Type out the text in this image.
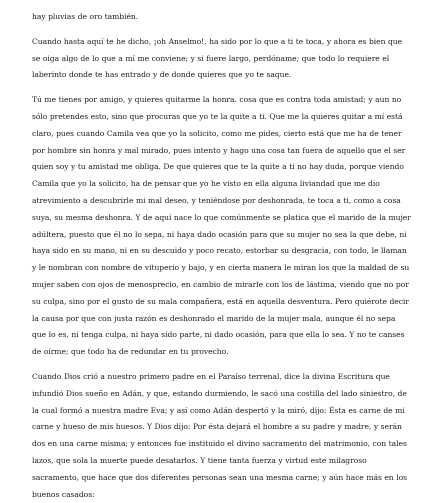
hay pluvias de oro también.

Cuando hasta aquí te he dicho, ¡oh Anselmo!, ha sido por lo que a ti te toca, y ahora es bien que se oiga algo de lo que a mí me conviene; y si fuere largo, perdóname; que todo lo requiere el laberinto donde te has entrado y de donde quieres que yo te saque.

Tú me tienes por amigo, y quieres quitarme la honra. cosa que es contra toda amistad; y aun no sólo pretendes esto, sino que procuras que yo te la quite a ti. Que me la quieres quitar a mí está claro, pues cuando Camila vea que yo la solicito, como me pides, cierto está que me ha de tener por hombre sin honra y mal mirado, pues intento y hago una cosa tan fuera de aquello que el ser quien soy y tu amistad me obliga. De que quieres que te la quite a ti no hay duda, porque viendo Camila que yo la solicito, ha de pensar que yo he visto en ella alguna liviandad que me dio atrevimiento a descubrirle mi mal deseo, y teniéndose por deshonrada, te toca a ti, como a cosa suya, su mesma deshonra. Y de aquí nace lo que comúnmente se platica que el marido de la mujer adúltera, puesto que él no lo sepa, ni haya dado ocasión para que su mujer no sea la que debe, ni haya sido en su mano, ni en su descuido y poco recato, estorbar su desgracia, con todo, le llaman y le nombran con nombre de vituperio y bajo, y en cierta manera le miran los que la maldad de su mujer saben con ojos de menosprecio, en cambio de mirarle con los de lástima, viendo que no por su culpa, sino por el gusto de su mala compañera, está en aquella desventura. Pero quiérote decir la causa por que con justa razón es deshonrado el marido de la mujer mala, aunque él no sepa que lo es, ni tenga culpa, ni haya sido parte, ni dado ocasión, para que ella lo sea. Y no te canses de oírme; que todo ha de redundar en tu provecho.

Cuando Dios crió a nuestro primero padre en el Paraíso terrenal, dice la divina Escritura que infundió Dios sueño en Adán, y que, estando durmiendo, le sacó una costilla del lado siniestro, de la cual formó a nuestra madre Eva; y así como Adán despertó y la miró, dijo: Ésta es carne de mi carne y hueso de mis huesos. Y Dios dijo: Por ésta dejará el hombre a su padre y madre, y serán dos en una carne misma; y entonces fue instituido el divino sacramento del matrimonio, con tales lazos, que sola la muerte puede desatarlos. Y tiene tanta fuerza y virtud este milagroso sacramento, que hace que dos diferentes personas sean una mesma carne; y aún hace más en los buenos casados:
